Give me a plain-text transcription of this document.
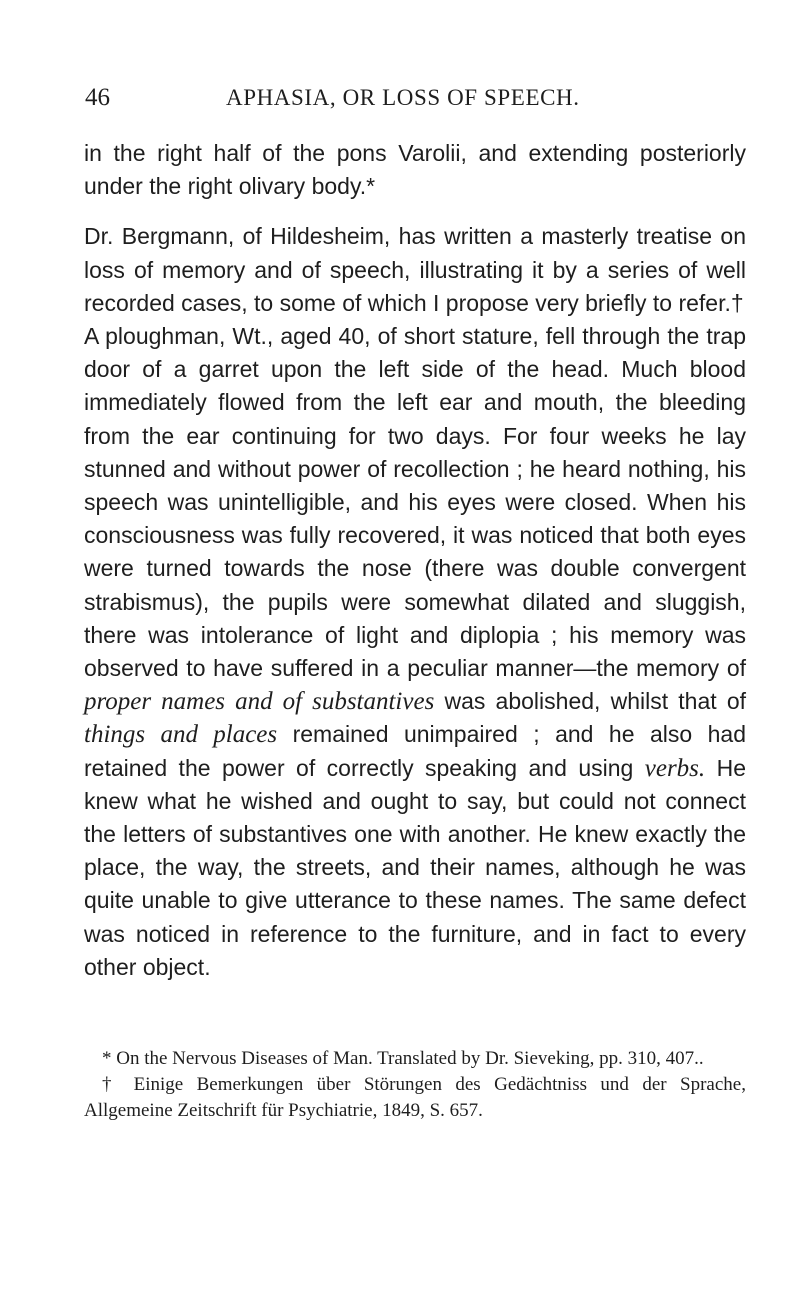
46	APHASIA, OR LOSS OF SPEECH.

in the right half of the pons Varolii, and extending posteriorly under the right olivary body.*

Dr. Bergmann, of Hildesheim, has written a masterly treatise on loss of memory and of speech, illustrating it by a series of well recorded cases, to some of which I propose very briefly to refer.†

A ploughman, Wt., aged 40, of short stature, fell through the trap door of a garret upon the left side of the head. Much blood immediately flowed from the left ear and mouth, the bleeding from the ear continuing for two days. For four weeks he lay stunned and without power of recollection ; he heard nothing, his speech was unintelligible, and his eyes were closed. When his consciousness was fully recovered, it was noticed that both eyes were turned towards the nose (there was double convergent strabismus), the pupils were somewhat dilated and sluggish, there was intolerance of light and diplopia ; his memory was observed to have suffered in a peculiar manner—the memory of proper names and of substantives was abolished, whilst that of things and places remained unimpaired ; and he also had retained the power of correctly speaking and using verbs. He knew what he wished and ought to say, but could not connect the letters of substantives one with another. He knew exactly the place, the way, the streets, and their names, although he was quite unable to give utterance to these names. The same defect was noticed in reference to the furniture, and in fact to every other object.

* On the Nervous Diseases of Man. Translated by Dr. Sieveking, pp. 310, 407..

† Einige Bemerkungen über Störungen des Gedächtniss und der Sprache, Allgemeine Zeitschrift für Psychiatrie, 1849, S. 657.
